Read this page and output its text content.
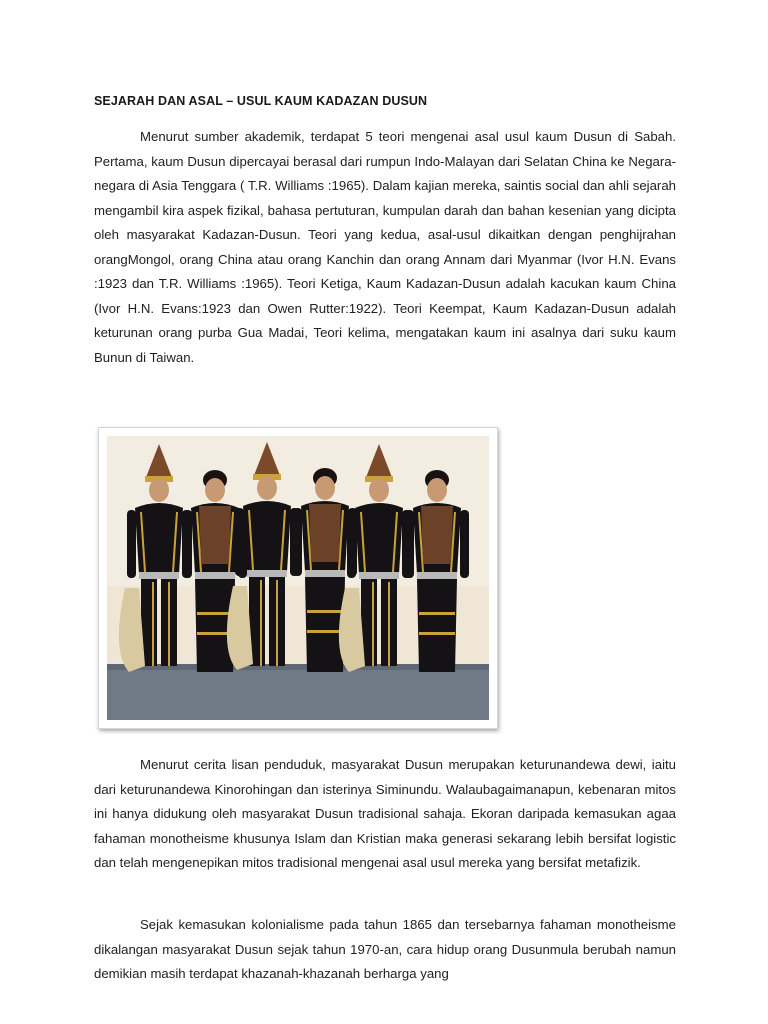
SEJARAH DAN ASAL – USUL KAUM KADAZAN DUSUN

Menurut sumber akademik, terdapat 5 teori mengenai asal usul kaum Dusun di Sabah. Pertama, kaum Dusun dipercayai berasal dari rumpun Indo-Malayan dari Selatan China ke Negara-negara di Asia Tenggara ( T.R. Williams :1965). Dalam kajian mereka, saintis social dan ahli sejarah mengambil kira aspek fizikal, bahasa pertuturan, kumpulan darah dan bahan kesenian yang dicipta oleh masyarakat Kadazan-Dusun. Teori yang kedua, asal-usul dikaitkan dengan penghijrahan orangMongol, orang China atau orang Kanchin dan orang Annam dari Myanmar (Ivor H.N. Evans :1923 dan T.R. Williams :1965). Teori Ketiga, Kaum Kadazan-Dusun adalah kacukan kaum China (Ivor H.N. Evans:1923 dan Owen Rutter:1922). Teori Keempat, Kaum Kadazan-Dusun adalah keturunan orang purba Gua Madai, Teori kelima, mengatakan kaum ini asalnya dari suku kaum Bunun di Taiwan.

Menurut cerita lisan penduduk, masyarakat Dusun merupakan keturunandewa dewi, iaitu dari keturunandewa Kinorohingan dan isterinya Siminundu. Walaubagaimanapun, kebenaran mitos ini hanya didukung oleh masyarakat Dusun tradisional sahaja. Ekoran daripada kemasukan agaa fahaman monotheisme khusunya Islam dan Kristian maka generasi sekarang lebih bersifat logistic dan telah mengenepikan mitos tradisional mengenai asal usul mereka yang bersifat metafizik.

Sejak kemasukan kolonialisme pada tahun 1865 dan tersebarnya fahaman monotheisme dikalangan masyarakat Dusun sejak tahun 1970-an, cara hidup orang Dusunmula berubah namun demikian masih terdapat khazanah-khazanah berharga yang
